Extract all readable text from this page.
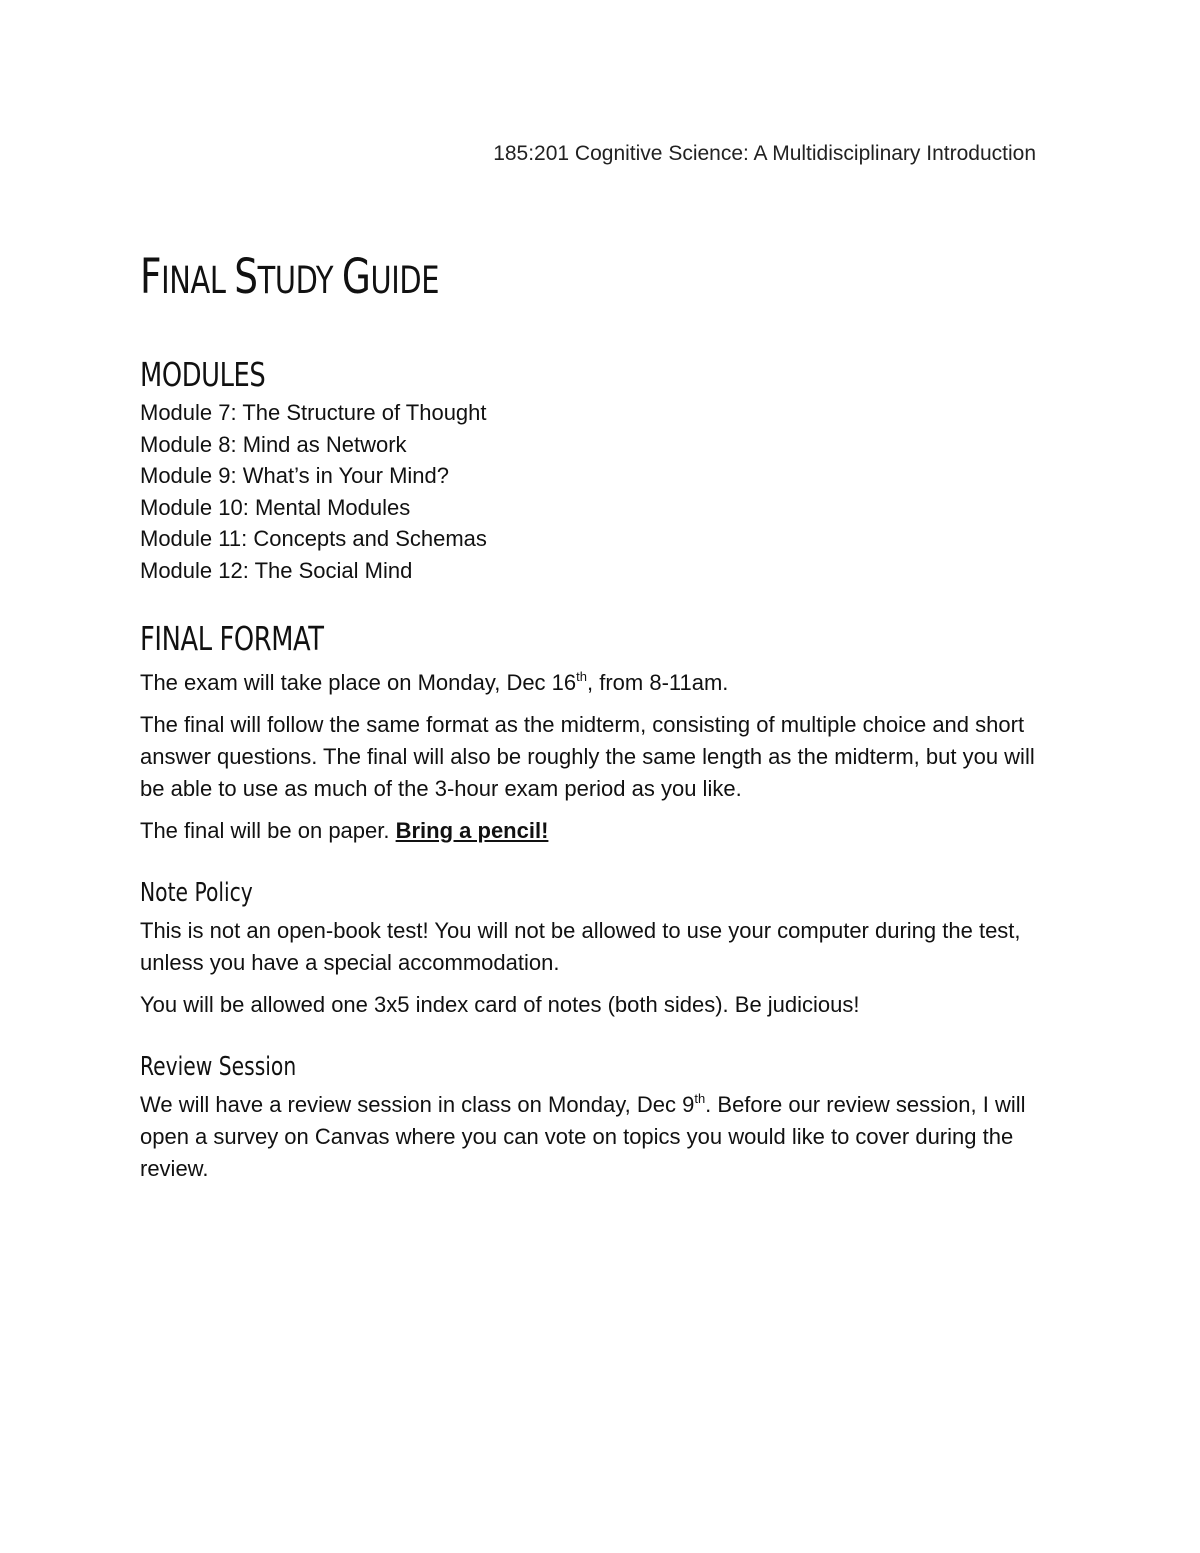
185:201 Cognitive Science: A Multidisciplinary Introduction
FINAL STUDY GUIDE
MODULES
Module 7: The Structure of Thought
Module 8: Mind as Network
Module 9: What’s in Your Mind?
Module 10: Mental Modules
Module 11: Concepts and Schemas
Module 12: The Social Mind
FINAL FORMAT

The exam will take place on Monday, Dec 16th, from 8-11am.

The final will follow the same format as the midterm, consisting of multiple choice and short answer questions. The final will also be roughly the same length as the midterm, but you will be able to use as much of the 3-hour exam period as you like.

The final will be on paper. Bring a pencil!

Note Policy

This is not an open-book test! You will not be allowed to use your computer during the test, unless you have a special accommodation.

You will be allowed one 3x5 index card of notes (both sides). Be judicious!

Review Session

We will have a review session in class on Monday, Dec 9th. Before our review session, I will open a survey on Canvas where you can vote on topics you would like to cover during the review.
